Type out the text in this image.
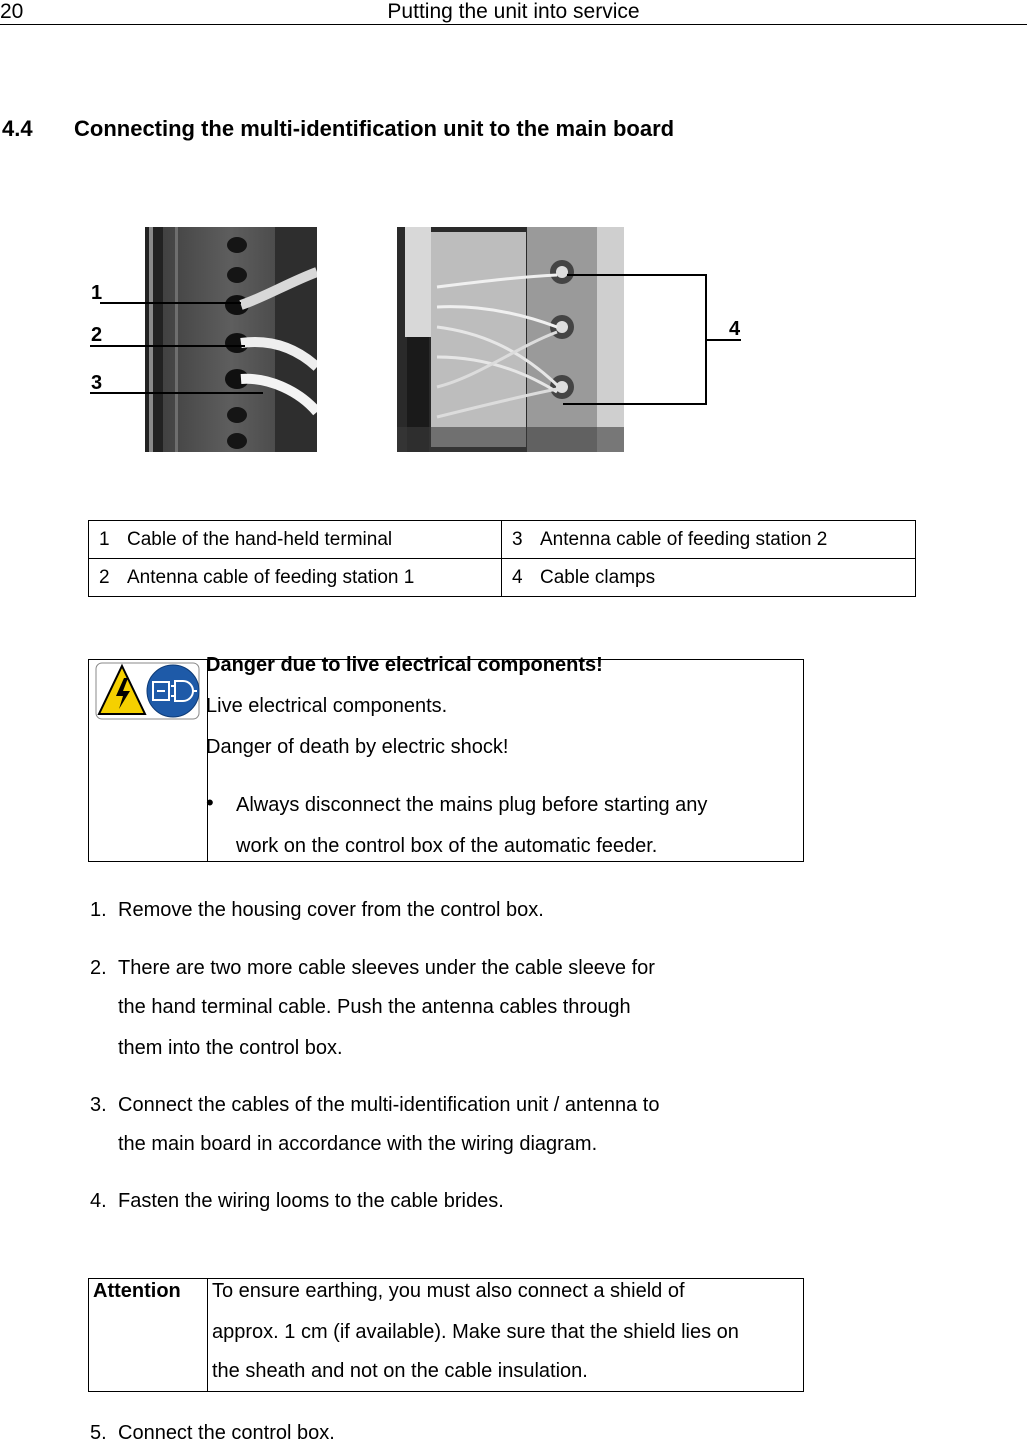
Putting the unit into service
20
4.4 Connecting the multi-identification unit to the main board
1
2
3
4
1 Cable of the hand-held terminal	3 Antenna cable of feeding station 2
2 Antenna cable of feeding station 1	4 Cable clamps
Danger due to live electrical components!
Live electrical components.
Danger of death by electric shock!
• Always disconnect the mains plug before starting any
work on the control box of the automatic feeder.
1. Remove the housing cover from the control box.
2. There are two more cable sleeves under the cable sleeve for
the hand terminal cable. Push the antenna cables through
them into the control box.
3. Connect the cables of the multi-identification unit / antenna to
the main board in accordance with the wiring diagram.
4. Fasten the wiring looms to the cable brides.
Attention To ensure earthing, you must also connect a shield of
approx. 1 cm (if available). Make sure that the shield lies on
the sheath and not on the cable insulation.
5. Connect the control box.
